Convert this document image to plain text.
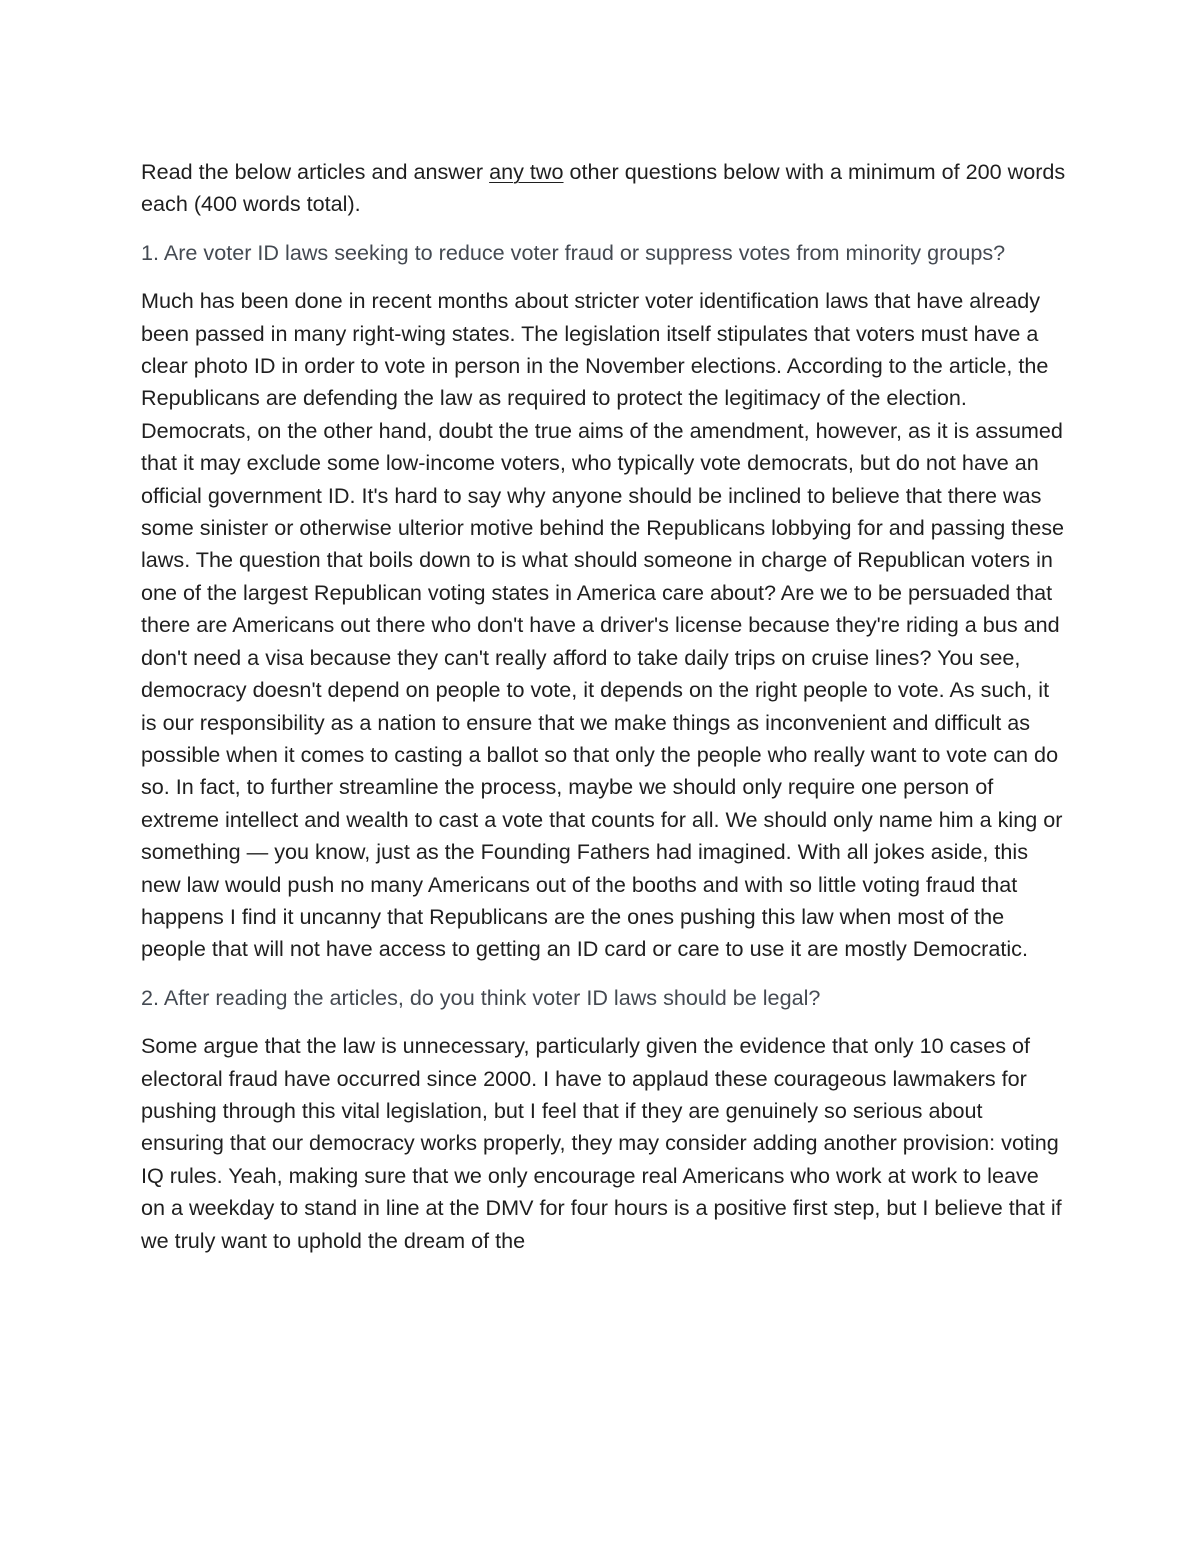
Read the below articles and answer any two other questions below with a minimum of 200 words each (400 words total).

1. Are voter ID laws seeking to reduce voter fraud or suppress votes from minority groups?

Much has been done in recent months about stricter voter identification laws that have already been passed in many right-wing states. The legislation itself stipulates that voters must have a clear photo ID in order to vote in person in the November elections. According to the article, the Republicans are defending the law as required to protect the legitimacy of the election. Democrats, on the other hand, doubt the true aims of the amendment, however, as it is assumed that it may exclude some low-income voters, who typically vote democrats, but do not have an official government ID. It's hard to say why anyone should be inclined to believe that there was some sinister or otherwise ulterior motive behind the Republicans lobbying for and passing these laws. The question that boils down to is what should someone in charge of Republican voters in one of the largest Republican voting states in America care about? Are we to be persuaded that there are Americans out there who don't have a driver's license because they're riding a bus and don't need a visa because they can't really afford to take daily trips on cruise lines? You see, democracy doesn't depend on people to vote, it depends on the right people to vote. As such, it is our responsibility as a nation to ensure that we make things as inconvenient and difficult as possible when it comes to casting a ballot so that only the people who really want to vote can do so. In fact, to further streamline the process, maybe we should only require one person of extreme intellect and wealth to cast a vote that counts for all. We should only name him a king or something — you know, just as the Founding Fathers had imagined. With all jokes aside, this new law would push no many Americans out of the booths and with so little voting fraud that happens I find it uncanny that Republicans are the ones pushing this law when most of the people that will not have access to getting an ID card or care to use it are mostly Democratic.

2. After reading the articles, do you think voter ID laws should be legal?

Some argue that the law is unnecessary, particularly given the evidence that only 10 cases of electoral fraud have occurred since 2000. I have to applaud these courageous lawmakers for pushing through this vital legislation, but I feel that if they are genuinely so serious about ensuring that our democracy works properly, they may consider adding another provision: voting IQ rules. Yeah, making sure that we only encourage real Americans who work at work to leave on a weekday to stand in line at the DMV for four hours is a positive first step, but I believe that if we truly want to uphold the dream of the
